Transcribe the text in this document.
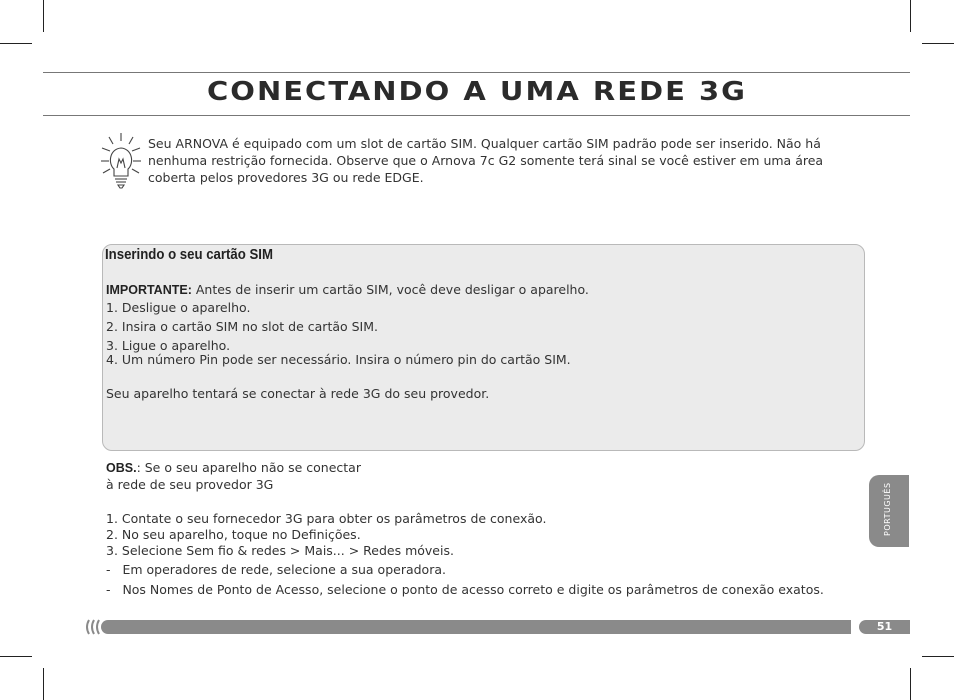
CONECTANDO A UMA REDE 3G
Seu ARNOVA é equipado com um slot de cartão SIM. Qualquer cartão SIM padrão pode ser inserido. Não há
nenhuma restrição fornecida. Observe que o Arnova 7c G2 somente terá sinal se você estiver em uma área
coberta pelos provedores 3G ou rede EDGE.
Inserindo o seu cartão SIM
IMPORTANTE: Antes de inserir um cartão SIM, você deve desligar o aparelho.
1. Desligue o aparelho.
2. Insira o cartão SIM no slot de cartão SIM.
3. Ligue o aparelho.
4. Um número Pin pode ser necessário. Insira o número pin do cartão SIM.
Seu aparelho tentará se conectar à rede 3G do seu provedor.
OBS.: Se o seu aparelho não se conectar
à rede de seu provedor 3G
1. Contate o seu fornecedor 3G para obter os parâmetros de conexão.
2. No seu aparelho, toque no Definições.
3. Selecione Sem fio & redes > Mais... > Redes móveis.
-   Em operadores de rede, selecione a sua operadora.
-   Nos Nomes de Ponto de Acesso, selecione o ponto de acesso correto e digite os parâmetros de conexão exatos.
PORTUGUÊS
51
